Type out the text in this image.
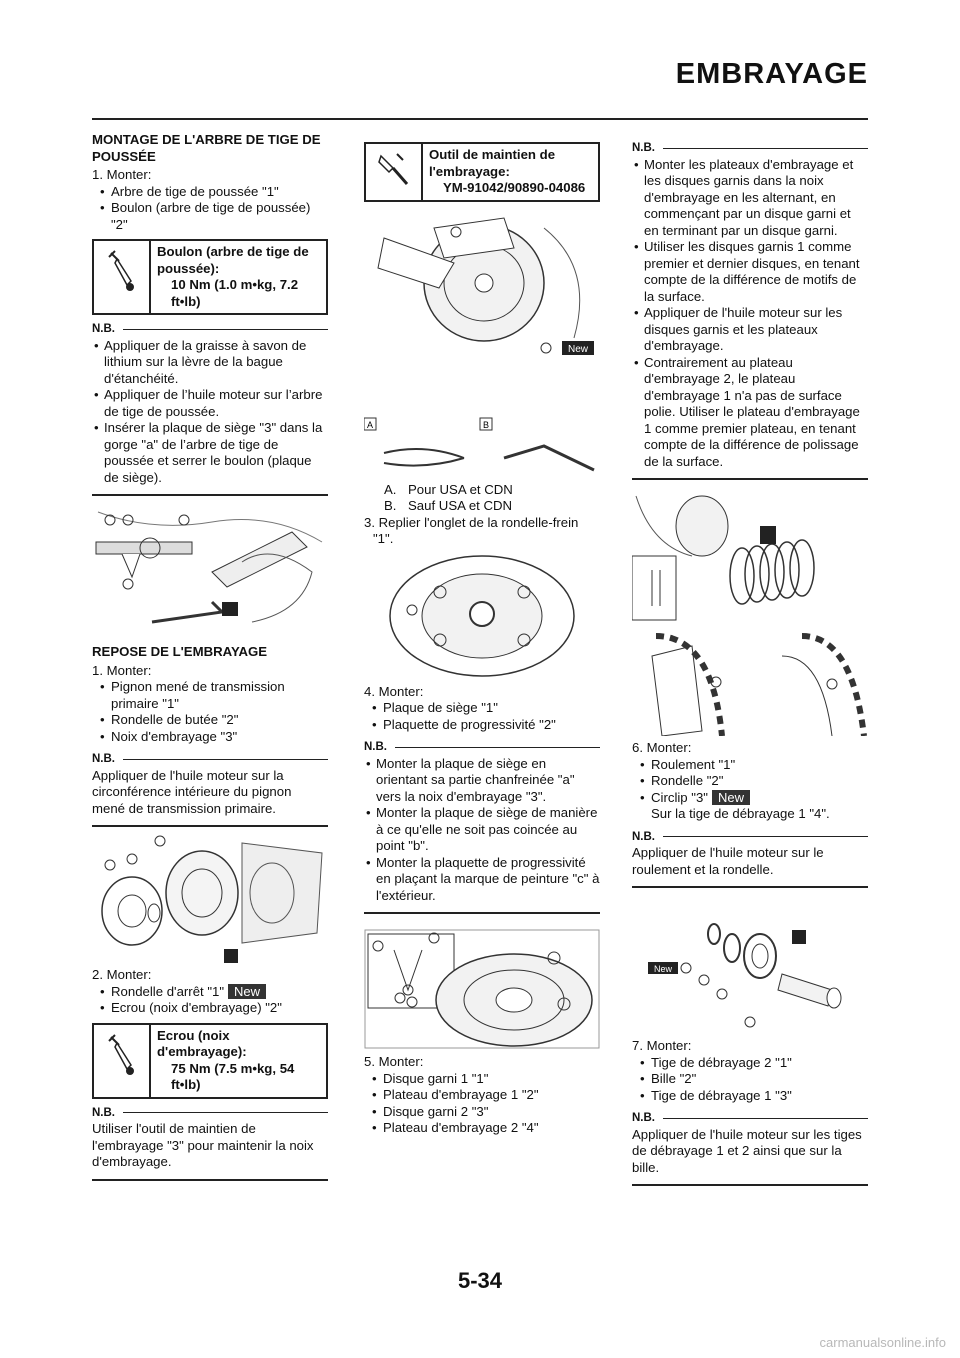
EMBRAYAGE

MONTAGE DE L'ARBRE DE TIGE DE POUSSÉE

1. Monter:

• Arbre de tige de poussée "1"

• Boulon (arbre de tige de poussée) "2"

Boulon (arbre de tige de poussée):
10 Nm (1.0 m•kg, 7.2 ft•lb)
N.B.

• Appliquer de la graisse à savon de lithium sur la lèvre de la bague d'étanchéité.

• Appliquer de l’huile moteur sur l’arbre de tige de poussée.

• Insérer la plaque de siège "3" dans la gorge "a" de l’arbre de tige de poussée et serrer le boulon (plaque de siège).

REPOSE DE L'EMBRAYAGE

1. Monter:

• Pignon mené de transmission primaire "1"

• Rondelle de butée "2"

• Noix d'embrayage "3"

N.B.

Appliquer de l'huile moteur sur la circonférence intérieure du pignon mené de transmission primaire.

2. Monter:

• Rondelle d'arrêt "1" New

• Ecrou (noix d'embrayage) "2"

Ecrou (noix d'embrayage):
75 Nm (7.5 m•kg, 54 ft•lb)
N.B.

Utiliser l'outil de maintien de l'embrayage "3" pour maintenir la noix d'embrayage.

Outil de maintien de l'embrayage:
YM-91042/90890-04086
New
A	B
A. Pour USA et CDN
B. Sauf USA et CDN

3. Replier l'onglet de la rondelle-frein "1".

4. Monter:

• Plaque de siège "1"

• Plaquette de progressivité "2"

N.B.

• Monter la plaque de siège en orientant sa partie chanfreinée "a" vers la noix d'embrayage "3".

• Monter la plaque de siège de manière à ce qu'elle ne soit pas coincée au point "b".

• Monter la plaquette de progressivité en plaçant la marque de peinture "c" à l'extérieur.

5. Monter:

• Disque garni 1 "1"

• Plateau d'embrayage 1 "2"

• Disque garni 2 "3"

• Plateau d'embrayage 2 "4"

N.B.

• Monter les plateaux d'embrayage et les disques garnis dans la noix d'embrayage en les alternant, en commençant par un disque garni et en terminant par un disque garni.

• Utiliser les disques garnis 1 comme premier et dernier disques, en tenant compte de la différence de motifs de la surface.

• Appliquer de l'huile moteur sur les disques garnis et les plateaux d'embrayage.

• Contrairement au plateau d'embrayage 2, le plateau d'embrayage 1 n'a pas de surface polie. Utiliser le plateau d'embrayage 1 comme premier plateau, en tenant compte de la différence de polissage de la surface.

6. Monter:

• Roulement "1"

• Rondelle "2"

• Circlip "3" New

Sur la tige de débrayage 1 "4".

N.B.

Appliquer de l'huile moteur sur le roulement et la rondelle.

New

7. Monter:

• Tige de débrayage 2 "1"

• Bille "2"

• Tige de débrayage 1 "3"

N.B.

Appliquer de l'huile moteur sur les tiges de débrayage 1 et 2 ainsi que sur la bille.

5-34
carmanualsonline.info
